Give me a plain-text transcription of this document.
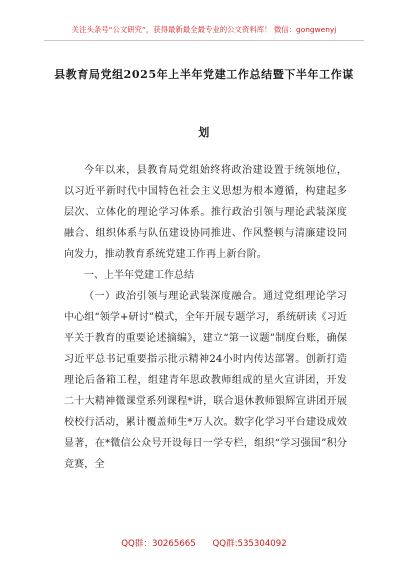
关注头条号“公文研究”，获得最新最全最专业的公文资料库！ 微信：gongwenyj
县教育局党组2025年上半年党建工作总结暨下半年工作谋
划

今年以来，县教育局党组始终将政治建设置于统领地位，以习近平新时代中国特色社会主义思想为根本遵循，构建起多层次、立体化的理论学习体系。推行政治引领与理论武装深度融合、组织体系与队伍建设协同推进、作风整顿与清廉建设同向发力，推动教育系统党建工作再上新台阶。

一、上半年党建工作总结

（一）政治引领与理论武装深度融合。通过党组理论学习中心组“领学+研讨”模式，全年开展专题学习，系统研读《习近平关于教育的重要论述摘编》，建立“第一议题”制度台账，确保习近平总书记重要指示批示精神24小时内传达部署。创新打造理论后备箱工程，组建青年思政教师组成的星火宣讲团，开发二十大精神微课堂系列课程*讲，联合退休教师银辉宣讲团开展校校行活动，累计覆盖师生*万人次。数字化学习平台建设成效显著，在*微信公众号开设每日一学专栏，组织“学习强国”积分竞赛，全

QQ群：30265665 QQ群:535304092
